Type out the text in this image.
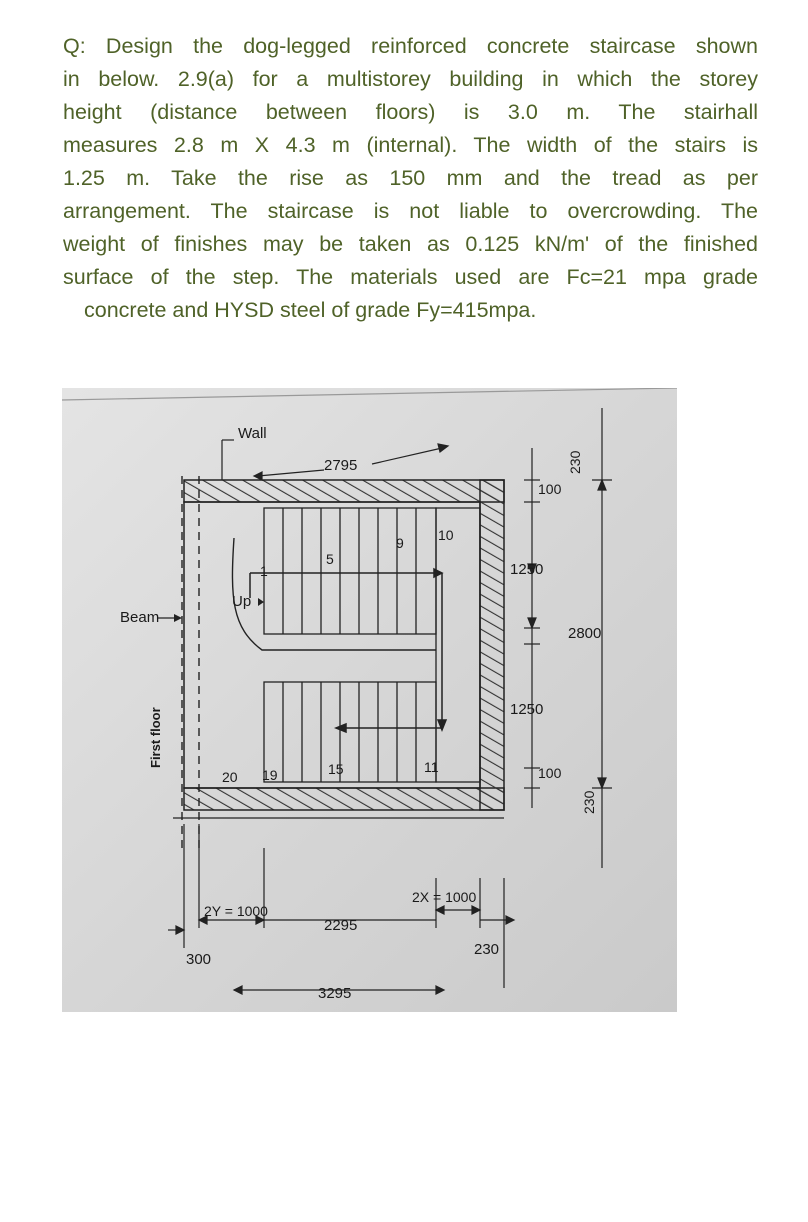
Q: Design the dog-legged reinforced concrete staircase shown
in below. 2.9(a) for a multistorey building in which the storey
height (distance between floors) is 3.0 m. The stairhall
measures 2.8 m X 4.3 m (internal). The width of the stairs is
1.25 m. Take the rise as 150 mm and the tread as per
arrangement. The staircase is not liable to overcrowding. The
weight of finishes may be taken as 0.125 kN/m' of the finished
surface of the step. The materials used are Fc=21 mpa grade
concrete and HYSD steel of grade Fy=415mpa.
Wall
Beam
First floor
Up
1
5
9 10
11
15
19
20
2795	230
100
1250
2800
1250
100
230
2Y = 1000
2X = 1000
2295
230
300
3295
